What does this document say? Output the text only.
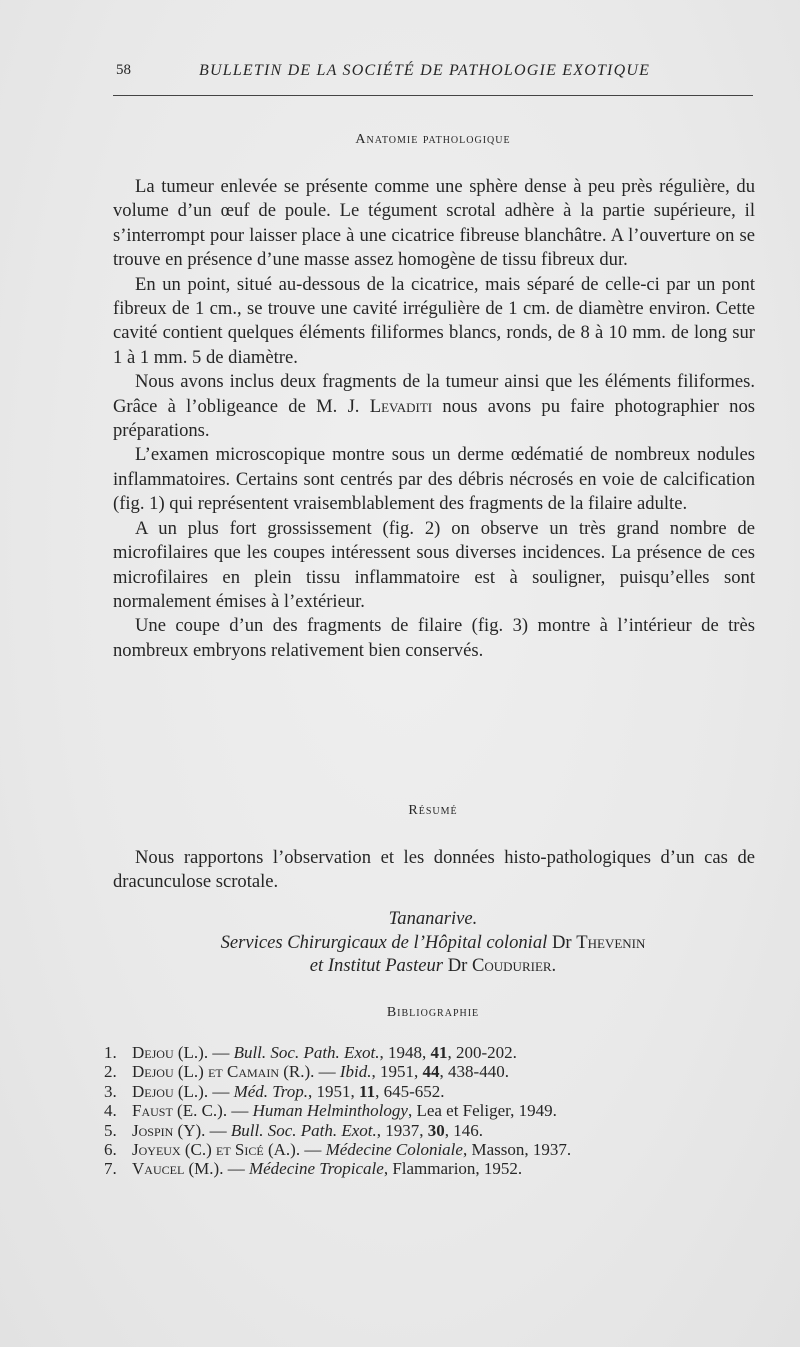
58	BULLETIN DE LA SOCIÉTÉ DE PATHOLOGIE EXOTIQUE
Anatomie pathologique

La tumeur enlevée se présente comme une sphère dense à peu près régulière, du volume d’un œuf de poule. Le tégument scrotal adhère à la partie supérieure, il s’interrompt pour laisser place à une cicatrice fibreuse blanchâtre. A l’ouverture on se trouve en présence d’une masse assez homogène de tissu fibreux dur.

En un point, situé au-dessous de la cicatrice, mais séparé de celle-ci par un pont fibreux de 1 cm., se trouve une cavité irrégulière de 1 cm. de diamètre environ. Cette cavité contient quelques éléments filiformes blancs, ronds, de 8 à 10 mm. de long sur 1 à 1 mm. 5 de diamètre.

Nous avons inclus deux fragments de la tumeur ainsi que les éléments filiformes. Grâce à l’obligeance de M. J. Levaditi nous avons pu faire photographier nos préparations.

L’examen microscopique montre sous un derme œdématié de nombreux nodules inflammatoires. Certains sont centrés par des débris nécrosés en voie de calcification (fig. 1) qui représentent vraisemblablement des fragments de la filaire adulte.

A un plus fort grossissement (fig. 2) on observe un très grand nombre de microfilaires que les coupes intéressent sous diverses incidences. La présence de ces microfilaires en plein tissu inflammatoire est à souligner, puisqu’elles sont normalement émises à l’extérieur.

Une coupe d’un des fragments de filaire (fig. 3) montre à l’intérieur de très nombreux embryons relativement bien conservés.

Résumé

Nous rapportons l’observation et les données histo-pathologiques d’un cas de dracunculose scrotale.

Tananarive.
Services Chirurgicaux de l’Hôpital colonial Dr Thevenin
et Institut Pasteur Dr Coudurier.
Bibliographie
1. Dejou (L.). — Bull. Soc. Path. Exot., 1948, 41, 200-202.
2. Dejou (L.) et Camain (R.). — Ibid., 1951, 44, 438-440.
3. Dejou (L.). — Méd. Trop., 1951, 11, 645-652.
4. Faust (E. C.). — Human Helminthology, Lea et Feliger, 1949.
5. Jospin (Y). — Bull. Soc. Path. Exot., 1937, 30, 146.
6. Joyeux (C.) et Sicé (A.). — Médecine Coloniale, Masson, 1937.
7. Vaucel (M.). — Médecine Tropicale, Flammarion, 1952.
